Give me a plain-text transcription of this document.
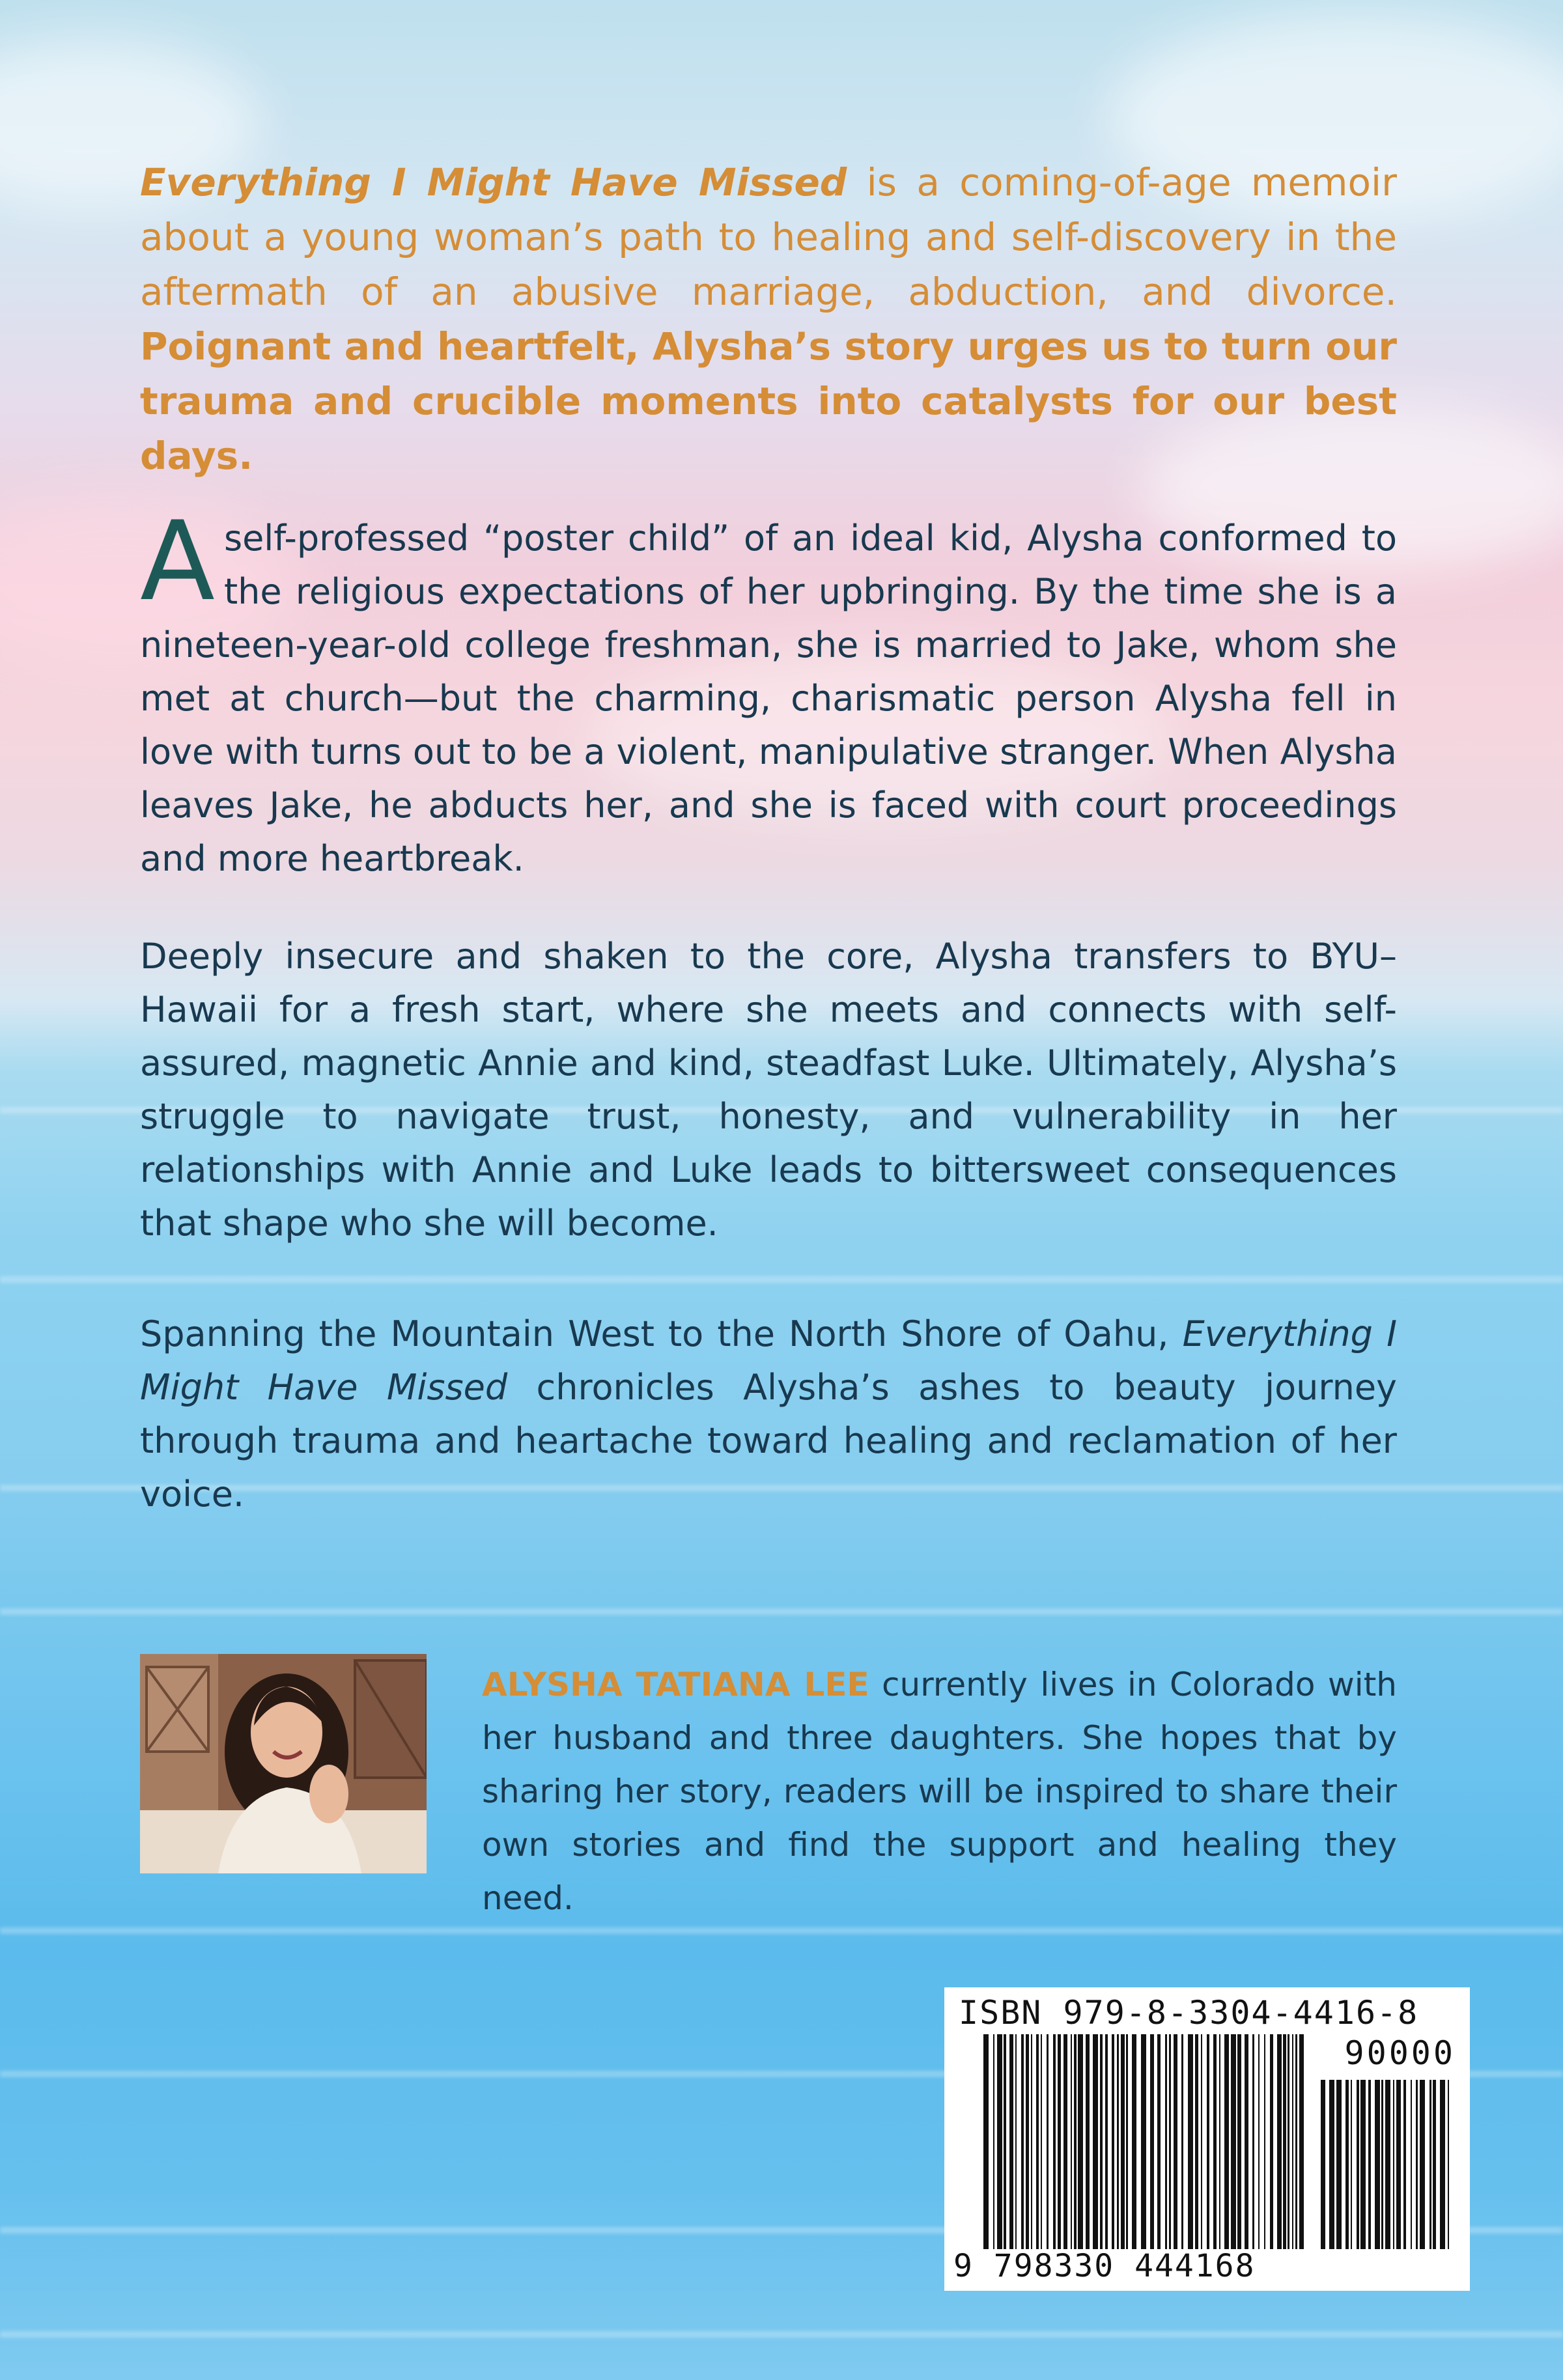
Everything I Might Have Missed is a coming-of-age memoir about a young woman’s path to healing and self-discovery in the aftermath of an abusive marriage, abduction, and divorce. Poignant and heartfelt, Alysha’s story urges us to turn our trauma and crucible moments into catalysts for our best days.
A self-professed “poster child” of an ideal kid, Alysha conformed to the religious expectations of her upbringing. By the time she is a nineteen-year-old college freshman, she is married to Jake, whom she met at church—but the charming, charismatic person Alysha fell in love with turns out to be a violent, manipulative stranger. When Alysha leaves Jake, he abducts her, and she is faced with court proceedings and more heartbreak.
Deeply insecure and shaken to the core, Alysha transfers to BYU–Hawaii for a fresh start, where she meets and connects with self-assured, magnetic Annie and kind, steadfast Luke. Ultimately, Alysha’s struggle to navigate trust, honesty, and vulnerability in her relationships with Annie and Luke leads to bittersweet consequences that shape who she will become.
Spanning the Mountain West to the North Shore of Oahu, Everything I Might Have Missed chronicles Alysha’s ashes to beauty journey through trauma and heartache toward healing and reclamation of her voice.
ALYSHA TATIANA LEE currently lives in Colorado with her husband and three daughters. She hopes that by sharing her story, readers will be inspired to share their own stories and find the support and healing they need.
ISBN 979-8-3304-4416-8
90000
9 798330 444168
